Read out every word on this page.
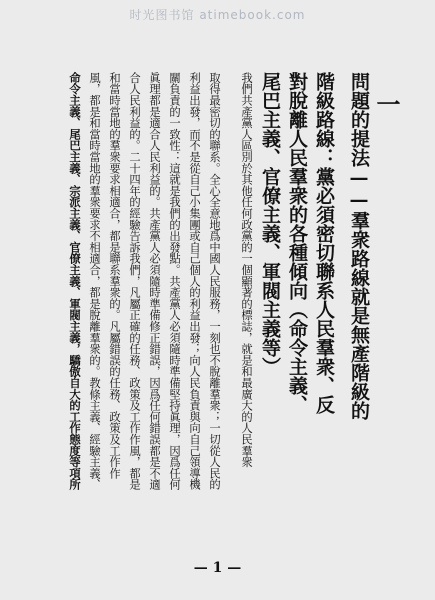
时光图书馆 atimebook.com
一
問題的提法——羣衆路線就是無產階級的
階級路線：黨必須密切聯系人民羣衆、反
對脫離人民羣衆的各種傾向（命令主義、
尾巴主義、官僚主義、軍閥主義等）
我們共產黨人區別於其他任何政黨的一個顯著的標誌，就是和最廣大的人民羣衆
取得最密切的聯系。全心全意地爲中國人民服務，一刻也不脫離羣衆；一切從人民的
利益出發，而不是從自己小集團或自己個人的利益出發；向人民負責與向自己領導機
關負責的一致性：這就是我們的出發點。共產黨人必須隨時準備堅持眞理，因爲任何
眞理都是適合人民利益的。共產黨人必須隨時準備修正錯誤，因爲任何錯誤都是不適
合人民利益的。二十四年的經驗告訴我們，凡屬正確的任務、政策及工作作風，都是
和當時當地的羣衆要求相適合，都是聯系羣衆的。凡屬錯誤的任務、政策及工作作
風，都是和當時當地的羣衆要求不相適合，都是脫離羣衆的。教條主義、經驗主義、
命令主義、尾巴主義、宗派主義、官僚主義、軍閥主義，驕傲自大的工作態度等項所
— 1 —
